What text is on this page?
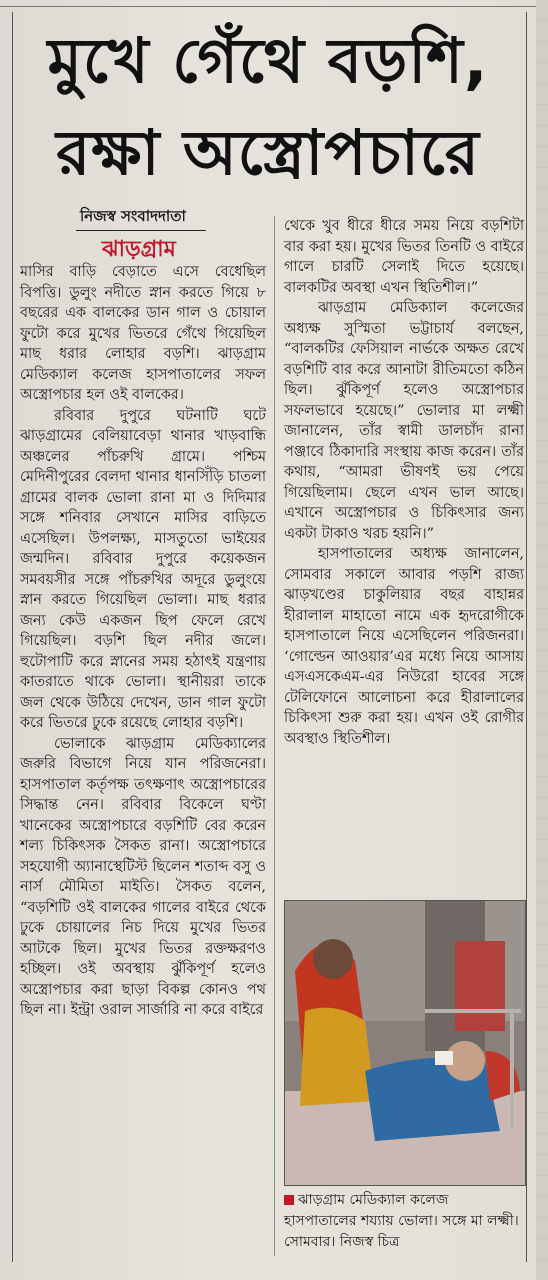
মুখে গেঁথে বড়শি,
রক্ষা অস্ত্রোপচারে
নিজস্ব সংবাদদাতা
ঝাড়গ্রাম

মাসির বাড়ি বেড়াতে এসে বেধেছিল বিপত্তি। ডুলুং নদীতে স্নান করতে গিয়ে ৮ বছরের এক বালকের ডান গাল ও চোয়াল ফুটো করে মুখের ভিতরে গেঁথে গিয়েছিল মাছ ধরার লোহার বড়শি। ঝাড়গ্রাম মেডিক্যাল কলেজ হাসপাতালের সফল অস্ত্রোপচার হল ওই বালকের।

রবিবার দুপুরে ঘটনাটি ঘটে ঝাড়গ্রামের বেলিয়াবেড়া থানার খাড়বান্ধি অঞ্চলের পাঁচরুখি গ্রামে। পশ্চিম মেদিনীপুরের বেলদা থানার ধানসিঁড়ি চাতলা গ্রামের বালক ভোলা রানা মা ও দিদিমার সঙ্গে শনিবার সেখানে মাসির বাড়িতে এসেছিল। উপলক্ষ্য, মাসতুতো ভাইয়ের জন্মদিন। রবিবার দুপুরে কয়েকজন সমবয়সীর সঙ্গে পাঁচরুখির অদূরে ডুলুংয়ে স্নান করতে গিয়েছিল ভোলা। মাছ ধরার জন্য কেউ একজন ছিপ ফেলে রেখে গিয়েছিল। বড়শি ছিল নদীর জলে। হুটোপাটি করে স্নানের সময় হঠাৎই যন্ত্রণায় কাতরাতে থাকে ভোলা। স্থানীয়রা তাকে জল থেকে উঠিয়ে দেখেন, ডান গাল ফুটো করে ভিতরে ঢুকে রয়েছে লোহার বড়শি।

ভোলাকে ঝাড়গ্রাম মেডিক্যালের জরুরি বিভাগে নিয়ে যান পরিজনেরা। হাসপাতাল কর্তৃপক্ষ তৎক্ষণাৎ অস্ত্রোপচারের সিদ্ধান্ত নেন। রবিবার বিকেলে ঘণ্টা খানেকের অস্ত্রোপচারে বড়শিটি বের করেন শল্য চিকিৎসক সৈকত রানা। অস্ত্রোপচারে সহযোগী অ্যানাস্থেটিস্ট ছিলেন শতাব্দ বসু ও নার্স মৌমিতা মাইতি। সৈকত বলেন, “বড়শিটি ওই বালকের গালের বাইরে থেকে ঢুকে চোয়ালের নিচ দিয়ে মুখের ভিতর আটকে ছিল। মুখের ভিতর রক্তক্ষরণও হচ্ছিল। ওই অবস্থায় ঝুঁকিপূর্ণ হলেও অস্ত্রোপচার করা ছাড়া বিকল্প কোনও পথ ছিল না। ইন্ট্রা ওরাল সার্জারি না করে বাইরে

থেকে খুব ধীরে ধীরে সময় নিয়ে বড়শিটা বার করা হয়। মুখের ভিতর তিনটি ও বাইরে গালে চারটি সেলাই দিতে হয়েছে। বালকটির অবস্থা এখন স্থিতিশীল।”

ঝাড়গ্রাম মেডিক্যাল কলেজের অধ্যক্ষ সুস্মিতা ভট্টাচার্য বলছেন, “বালকটির ফেসিয়াল নার্ভকে অক্ষত রেখে বড়শিটি বার করে আনাটা রীতিমতো কঠিন ছিল। ঝুঁকিপূর্ণ হলেও অস্ত্রোপচার সফলভাবে হয়েছে।” ভোলার মা লক্ষ্মী জানালেন, তাঁর স্বামী ডালচাঁদ রানা পঞ্জাবে ঠিকাদারি সংস্থায় কাজ করেন। তাঁর কথায়, “আমরা ভীষণই ভয় পেয়ে গিয়েছিলাম। ছেলে এখন ভাল আছে। এখানে অস্ত্রোপচার ও চিকিৎসার জন্য একটা টাকাও খরচ হয়নি।”

হাসপাতালের অধ্যক্ষ জানালেন, সোমবার সকালে আবার পড়শি রাজ্য ঝাড়খণ্ডের চাকুলিয়ার বছর বাহান্নর হীরালাল মাহাতো নামে এক হৃদরোগীকে হাসপাতালে নিয়ে এসেছিলেন পরিজনরা। ‘গোল্ডেন আওয়ার’এর মধ্যে নিয়ে আসায় এসএসকেএম-এর নিউরো হাবের সঙ্গে টেলিফোনে আলোচনা করে হীরালালের চিকিৎসা শুরু করা হয়। এখন ওই রোগীর অবস্থাও স্থিতিশীল।

ঝাড়গ্রাম মেডিক্যাল কলেজ হাসপাতালের শয্যায় ভোলা। সঙ্গে মা লক্ষ্মী। সোমবার। নিজস্ব চিত্র
